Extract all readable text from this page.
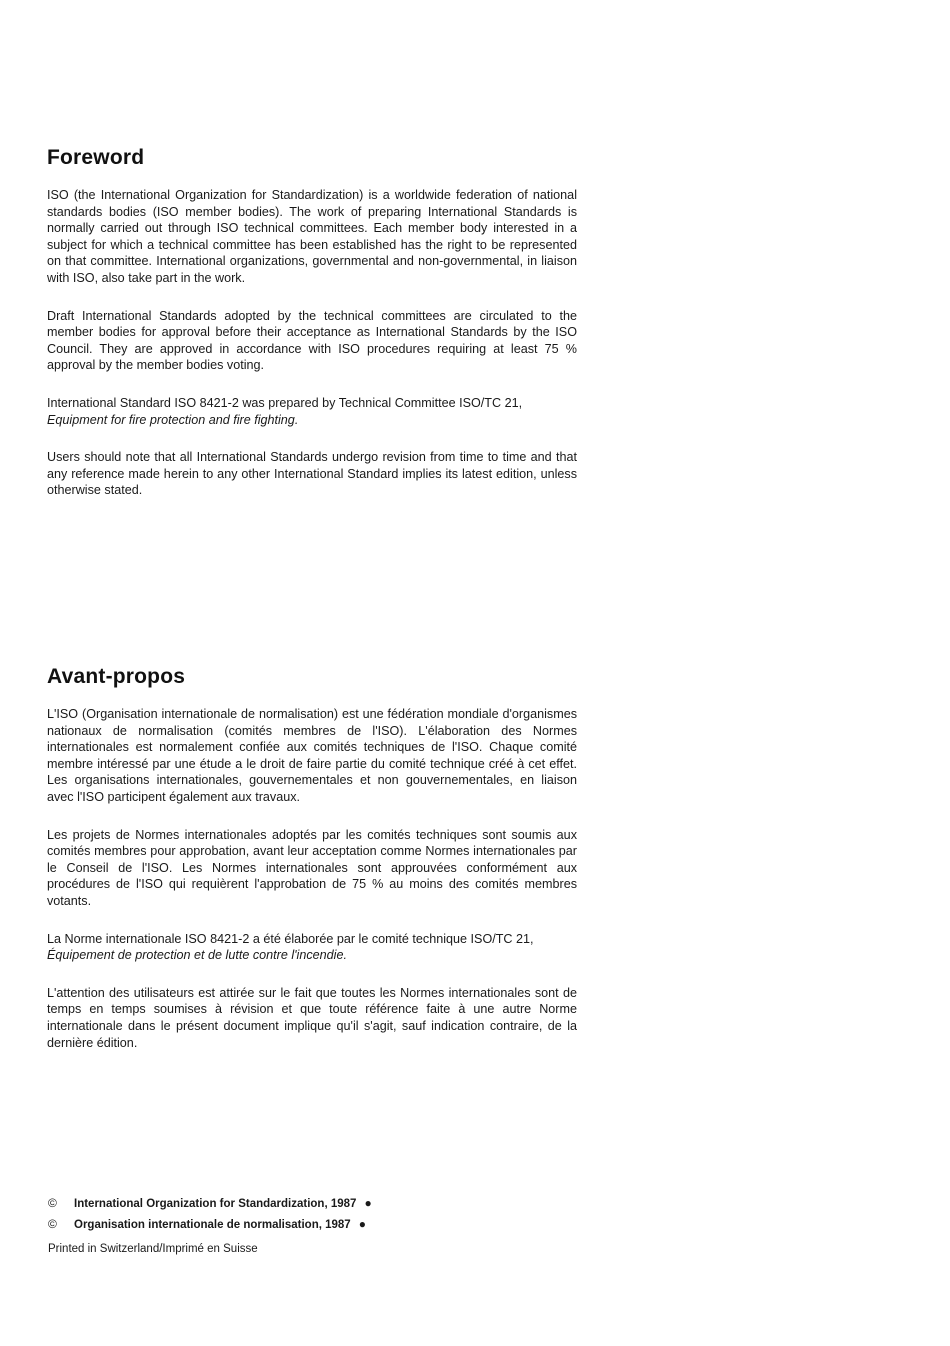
Foreword

ISO (the International Organization for Standardization) is a worldwide federation of national standards bodies (ISO member bodies). The work of preparing International Standards is normally carried out through ISO technical committees. Each member body interested in a subject for which a technical committee has been established has the right to be represented on that committee. International organizations, governmental and non-governmental, in liaison with ISO, also take part in the work.

Draft International Standards adopted by the technical committees are circulated to the member bodies for approval before their acceptance as International Standards by the ISO Council. They are approved in accordance with ISO procedures requiring at least 75 % approval by the member bodies voting.

International Standard ISO 8421-2 was prepared by Technical Committee ISO/TC 21,
Equipment for fire protection and fire fighting.

Users should note that all International Standards undergo revision from time to time and that any reference made herein to any other International Standard implies its latest edition, unless otherwise stated.

Avant-propos

L'ISO (Organisation internationale de normalisation) est une fédération mondiale d'organismes nationaux de normalisation (comités membres de l'ISO). L'élaboration des Normes internationales est normalement confiée aux comités techniques de l'ISO. Chaque comité membre intéressé par une étude a le droit de faire partie du comité technique créé à cet effet. Les organisations internationales, gouvernementales et non gouvernementales, en liaison avec l'ISO participent également aux travaux.

Les projets de Normes internationales adoptés par les comités techniques sont soumis aux comités membres pour approbation, avant leur acceptation comme Normes internationales par le Conseil de l'ISO. Les Normes internationales sont approuvées conformément aux procédures de l'ISO qui requièrent l'approbation de 75 % au moins des comités membres votants.

La Norme internationale ISO 8421-2 a été élaborée par le comité technique ISO/TC 21,
Équipement de protection et de lutte contre l'incendie.

L'attention des utilisateurs est attirée sur le fait que toutes les Normes internationales sont de temps en temps soumises à révision et que toute référence faite à une autre Norme internationale dans le présent document implique qu'il s'agit, sauf indication contraire, de la dernière édition.

© International Organization for Standardization, 1987 ●
© Organisation internationale de normalisation, 1987 ●
Printed in Switzerland/Imprimé en Suisse
